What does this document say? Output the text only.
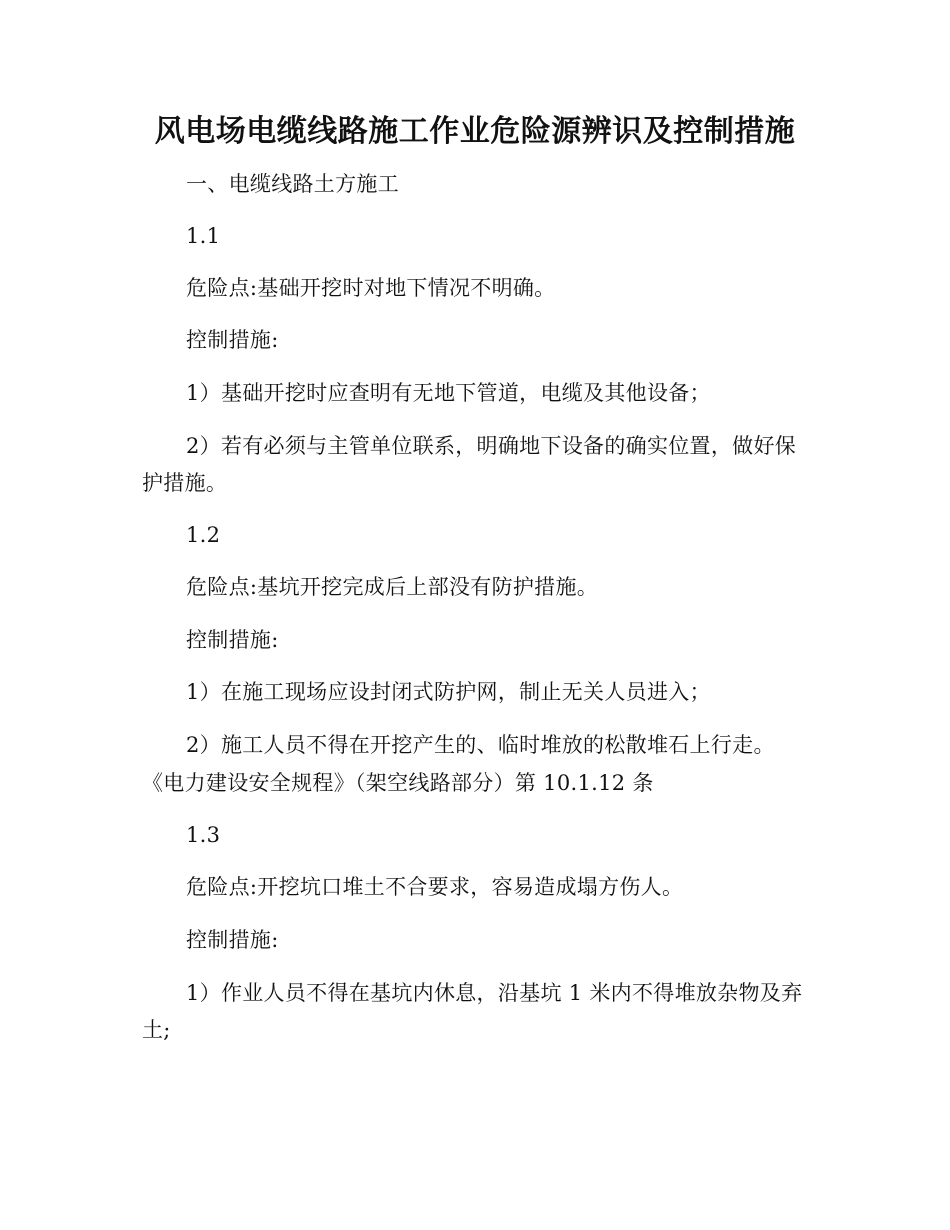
风电场电缆线路施工作业危险源辨识及控制措施
一、电缆线路土方施工
1.1
危险点:基础开挖时对地下情况不明确。
控制措施:
1）基础开挖时应查明有无地下管道，电缆及其他设备；
2）若有必须与主管单位联系，明确地下设备的确实位置，做好保
护措施。
1.2
危险点:基坑开挖完成后上部没有防护措施。
控制措施:
1）在施工现场应设封闭式防护网，制止无关人员进入；
2）施工人员不得在开挖产生的、临时堆放的松散堆石上行走。
《电力建设安全规程》（架空线路部分）第 10.1.12 条
1.3
危险点:开挖坑口堆土不合要求，容易造成塌方伤人。
控制措施:
1）作业人员不得在基坑内休息，沿基坑 1 米内不得堆放杂物及弃
土;
